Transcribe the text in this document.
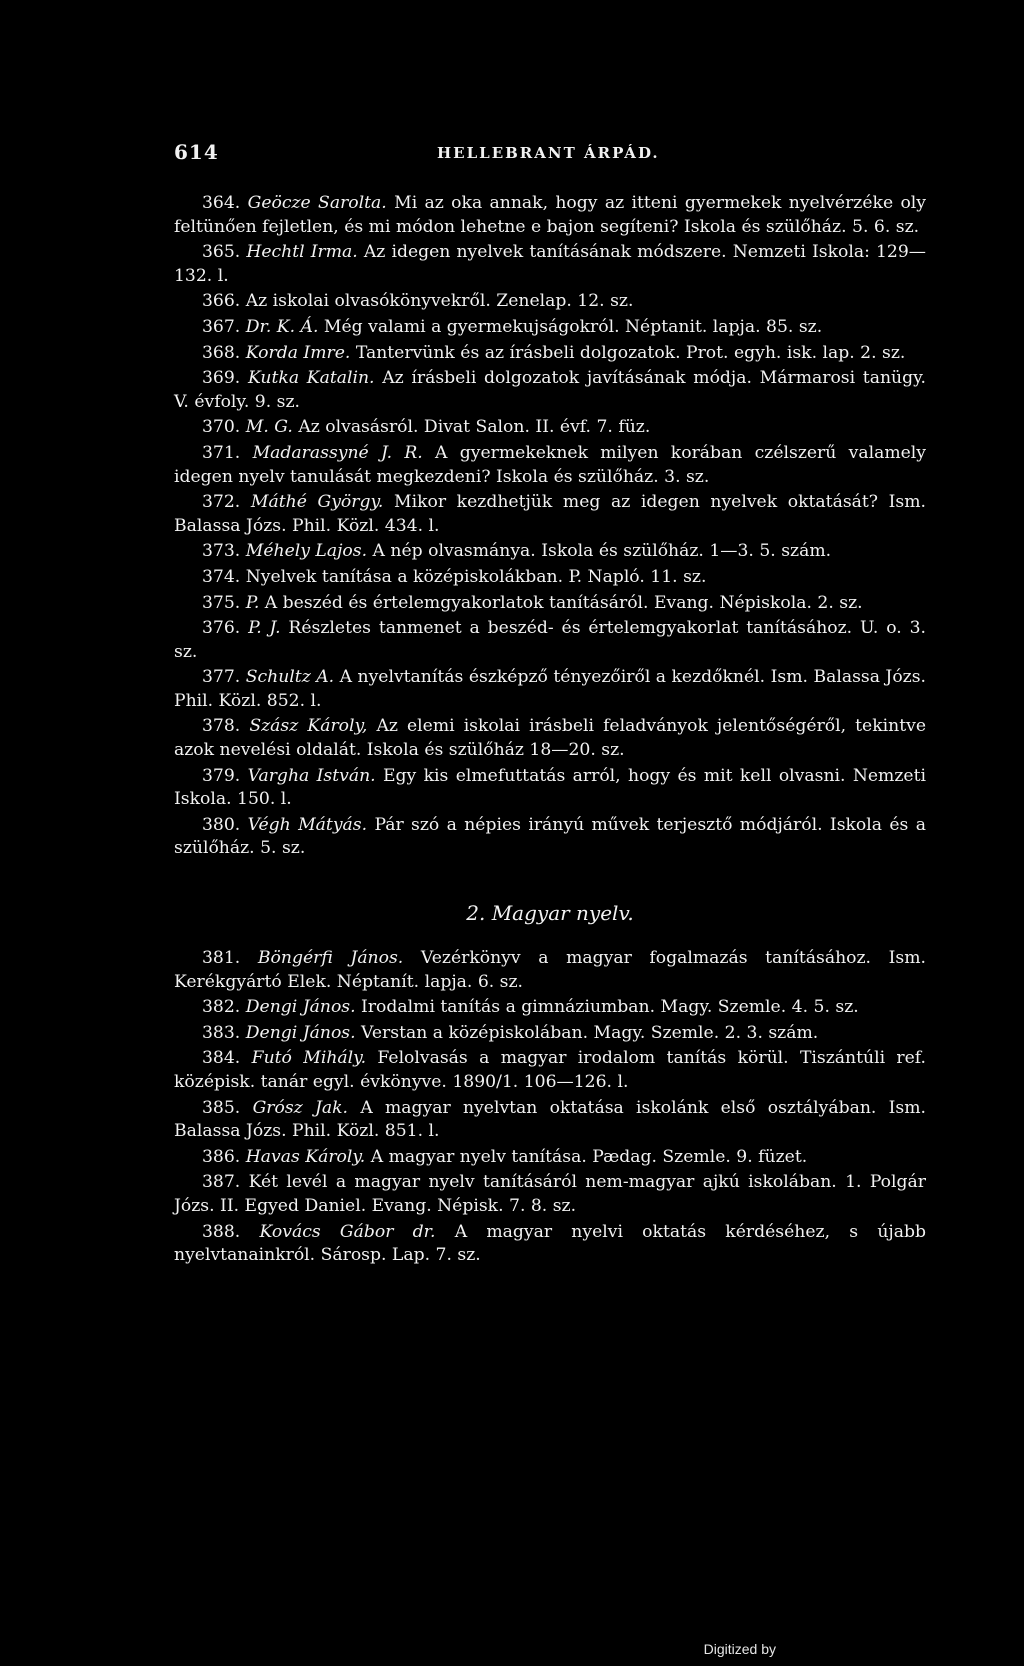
614	HELLEBRANT ÁRPÁD.

364. Geöcze Sarolta. Mi az oka annak, hogy az itteni gyermekek nyelvérzéke oly feltünően fejletlen, és mi módon lehetne e bajon segíteni? Iskola és szülőház. 5. 6. sz.

365. Hechtl Irma. Az idegen nyelvek tanításának módszere. Nemzeti Iskola: 129—132. l.

366. Az iskolai olvasókönyvekről. Zenelap. 12. sz.

367. Dr. K. Á. Még valami a gyermekujságokról. Néptanit. lapja. 85. sz.

368. Korda Imre. Tantervünk és az írásbeli dolgozatok. Prot. egyh. isk. lap. 2. sz.

369. Kutka Katalin. Az írásbeli dolgozatok javításának módja. Mármarosi tanügy. V. évfoly. 9. sz.

370. M. G. Az olvasásról. Divat Salon. II. évf. 7. füz.

371. Madarassyné J. R. A gyermekeknek milyen korában czélszerű valamely idegen nyelv tanulását megkezdeni? Iskola és szülőház. 3. sz.

372. Máthé György. Mikor kezdhetjük meg az idegen nyelvek oktatását? Ism. Balassa Józs. Phil. Közl. 434. l.

373. Méhely Lajos. A nép olvasmánya. Iskola és szülőház. 1—3. 5. szám.

374. Nyelvek tanítása a középiskolákban. P. Napló. 11. sz.

375. P. A beszéd és értelemgyakorlatok tanításáról. Evang. Népiskola. 2. sz.

376. P. J. Részletes tanmenet a beszéd- és értelemgyakorlat tanításához. U. o. 3. sz.

377. Schultz A. A nyelvtanítás észképző tényezőiről a kezdőknél. Ism. Balassa Józs. Phil. Közl. 852. l.

378. Szász Károly, Az elemi iskolai irásbeli feladványok jelentőségéről, tekintve azok nevelési oldalát. Iskola és szülőház 18—20. sz.

379. Vargha István. Egy kis elmefuttatás arról, hogy és mit kell olvasni. Nemzeti Iskola. 150. l.

380. Végh Mátyás. Pár szó a népies irányú művek terjesztő módjáról. Iskola és a szülőház. 5. sz.

2. Magyar nyelv.

381. Böngérfi János. Vezérkönyv a magyar fogalmazás tanításához. Ism. Kerékgyártó Elek. Néptanít. lapja. 6. sz.

382. Dengi János. Irodalmi tanítás a gimnáziumban. Magy. Szemle. 4. 5. sz.

383. Dengi János. Verstan a középiskolában. Magy. Szemle. 2. 3. szám.

384. Futó Mihály. Felolvasás a magyar irodalom tanítás körül. Tiszántúli ref. középisk. tanár egyl. évkönyve. 1890/1. 106—126. l.

385. Grósz Jak. A magyar nyelvtan oktatása iskolánk első osztályában. Ism. Balassa Józs. Phil. Közl. 851. l.

386. Havas Károly. A magyar nyelv tanítása. Pædag. Szemle. 9. füzet.

387. Két levél a magyar nyelv tanításáról nem-magyar ajkú iskolában. 1. Polgár Józs. II. Egyed Daniel. Evang. Népisk. 7. 8. sz.

388. Kovács Gábor dr. A magyar nyelvi oktatás kérdéséhez, s újabb nyelvtanainkról. Sárosp. Lap. 7. sz.

Digitized by
